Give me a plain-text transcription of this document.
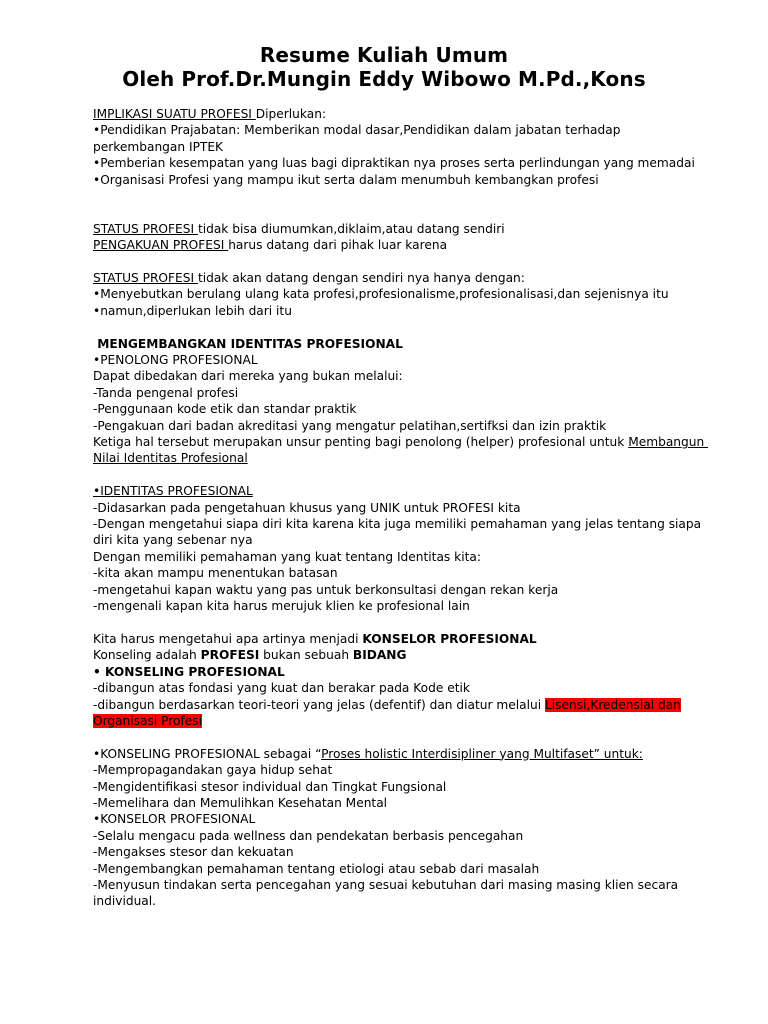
Resume Kuliah Umum
Oleh Prof.Dr.Mungin Eddy Wibowo M.Pd.,Kons
IMPLIKASI SUATU PROFESI Diperlukan:
•Pendidikan Prajabatan: Memberikan modal dasar,Pendidikan dalam jabatan terhadap
perkembangan IPTEK
•Pemberian kesempatan yang luas bagi dipraktikan nya proses serta perlindungan yang memadai
•Organisasi Profesi yang mampu ikut serta dalam menumbuh kembangkan profesi
STATUS PROFESI tidak bisa diumumkan,diklaim,atau datang sendiri
PENGAKUAN PROFESI harus datang dari pihak luar karena
STATUS PROFESI tidak akan datang dengan sendiri nya hanya dengan:
•Menyebutkan berulang ulang kata profesi,profesionalisme,profesionalisasi,dan sejenisnya itu
•namun,diperlukan lebih dari itu
MENGEMBANGKAN IDENTITAS PROFESIONAL
•PENOLONG PROFESIONAL
Dapat dibedakan dari mereka yang bukan melalui:
-Tanda pengenal profesi
-Penggunaan kode etik dan standar praktik
-Pengakuan dari badan akreditasi yang mengatur pelatihan,sertifksi dan izin praktik
Ketiga hal tersebut merupakan unsur penting bagi penolong (helper) profesional untuk Membangun
Nilai Identitas Profesional
•IDENTITAS PROFESIONAL
-Didasarkan pada pengetahuan khusus yang UNIK untuk PROFESI kita
-Dengan mengetahui siapa diri kita karena kita juga memiliki pemahaman yang jelas tentang siapa
diri kita yang sebenar nya
Dengan memiliki pemahaman yang kuat tentang Identitas kita:
-kita akan mampu menentukan batasan
-mengetahui kapan waktu yang pas untuk berkonsultasi dengan rekan kerja
-mengenali kapan kita harus merujuk klien ke profesional lain
Kita harus mengetahui apa artinya menjadi KONSELOR PROFESIONAL
Konseling adalah PROFESI bukan sebuah BIDANG
• KONSELING PROFESIONAL
-dibangun atas fondasi yang kuat dan berakar pada Kode etik
-dibangun berdasarkan teori-teori yang jelas (defentif) dan diatur melalui Lisensi,Kredensial dan
Organisasi Profesi
•KONSELING PROFESIONAL sebagai “Proses holistic Interdisipliner yang Multifaset” untuk:
-Mempropagandakan gaya hidup sehat
-Mengidentifikasi stesor individual dan Tingkat Fungsional
-Memelihara dan Memulihkan Kesehatan Mental
•KONSELOR PROFESIONAL
-Selalu mengacu pada wellness dan pendekatan berbasis pencegahan
-Mengakses stesor dan kekuatan
-Mengembangkan pemahaman tentang etiologi atau sebab dari masalah
-Menyusun tindakan serta pencegahan yang sesuai kebutuhan dari masing masing klien secara
individual.
